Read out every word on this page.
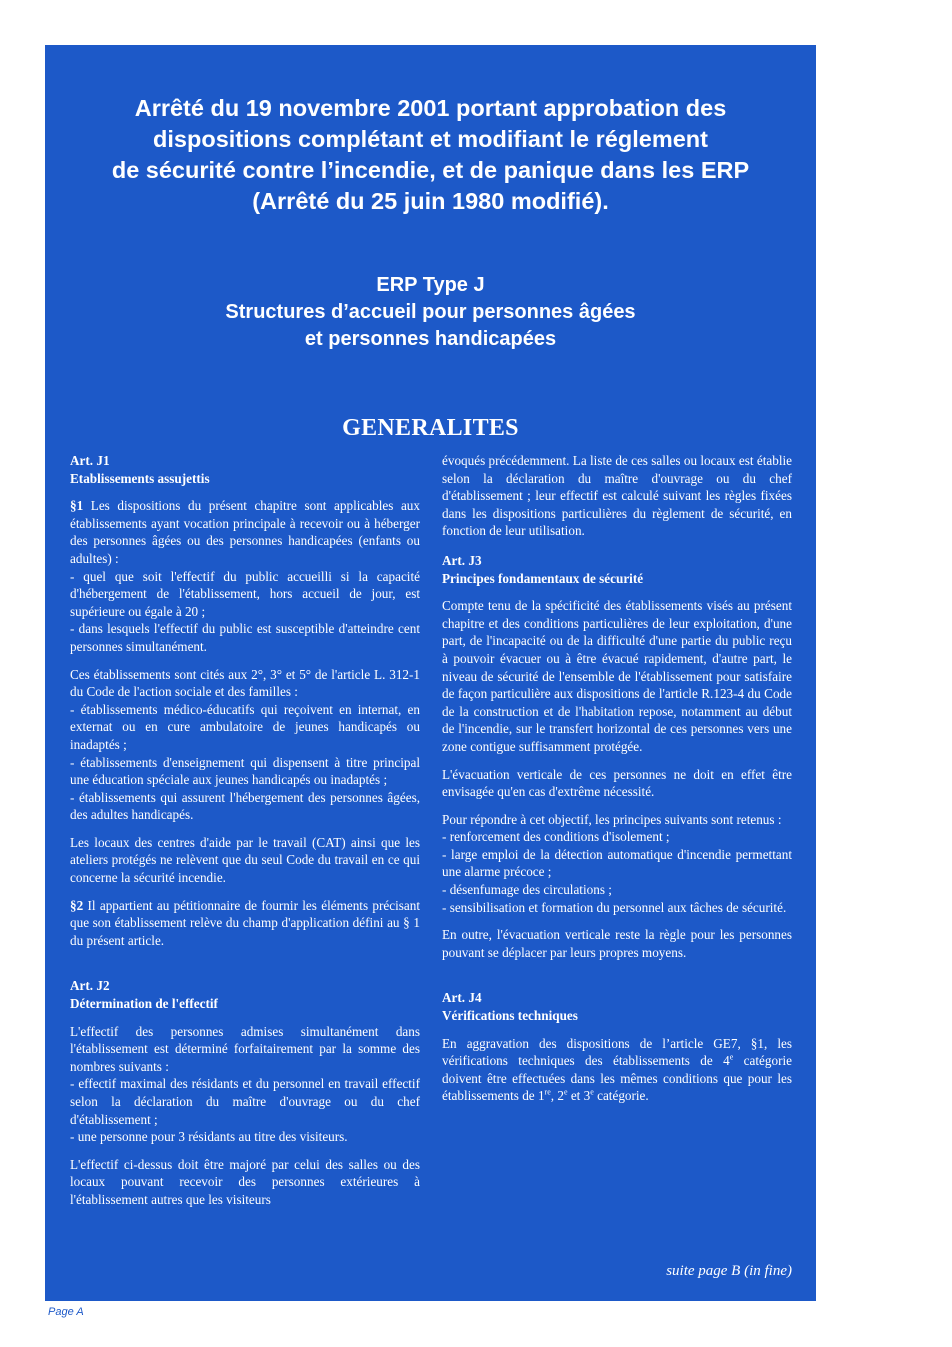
Arrêté du 19 novembre 2001 portant approbation des
dispositions complétant et modifiant le réglement
de sécurité contre l’incendie, et de panique dans les ERP
(Arrêté du 25 juin 1980 modifié).
ERP Type J
Structures d’accueil pour personnes âgées
et personnes handicapées
GENERALITES
Art. J1
Etablissements assujettis

§1 Les dispositions du présent chapitre sont applicables aux établissements ayant vocation principale à recevoir ou à héberger des personnes âgées ou des personnes handicapées (enfants ou adultes) :

- quel que soit l'effectif du public accueilli si la capacité d'hébergement de l'établissement, hors accueil de jour, est supérieure ou égale à 20 ;

- dans lesquels l'effectif du public est susceptible d'atteindre cent personnes simultanément.

Ces établissements sont cités aux 2°, 3° et 5° de l'article L. 312-1 du Code de l'action sociale et des familles :

- établissements médico-éducatifs qui reçoivent en internat, en externat ou en cure ambulatoire de jeunes handicapés ou inadaptés ;

- établissements d'enseignement qui dispensent à titre principal une éducation spéciale aux jeunes handicapés ou inadaptés ;

- établissements qui assurent l'hébergement des personnes âgées, des adultes handicapés.

Les locaux des centres d'aide par le travail (CAT) ainsi que les ateliers protégés ne relèvent que du seul Code du travail en ce qui concerne la sécurité incendie.

§2 Il appartient au pétitionnaire de fournir les éléments précisant que son établissement relève du champ d'application défini au § 1 du présent article.

Art. J2
Détermination de l'effectif

L'effectif des personnes admises simultanément dans l'établissement est déterminé forfaitairement par la somme des nombres suivants :

- effectif maximal des résidants et du personnel en travail effectif selon la déclaration du maître d'ouvrage ou du chef d'établissement ;

- une personne pour 3 résidants au titre des visiteurs.

L'effectif ci-dessus doit être majoré par celui des salles ou des locaux pouvant recevoir des personnes extérieures à l'établissement autres que les visiteurs

évoqués précédemment. La liste de ces salles ou locaux est établie selon la déclaration du maître d'ouvrage ou du chef d'établissement ; leur effectif est calculé suivant les règles fixées dans les dispositions particulières du règlement de sécurité, en fonction de leur utilisation.

Art. J3
Principes fondamentaux de sécurité

Compte tenu de la spécificité des établissements visés au présent chapitre et des conditions particulières de leur exploitation, d'une part, de l'incapacité ou de la difficulté d'une partie du public reçu à pouvoir évacuer ou à être évacué rapidement, d'autre part, le niveau de sécurité de l'ensemble de l'établissement pour satisfaire de façon particulière aux dispositions de l'article R.123-4 du Code de la construction et de l'habitation repose, notamment au début de l'incendie, sur le transfert horizontal de ces personnes vers une zone contigue suffisamment protégée.

L'évacuation verticale de ces personnes ne doit en effet être envisagée qu'en cas d'extrême nécessité.

Pour répondre à cet objectif, les principes suivants sont retenus :

- renforcement des conditions d'isolement ;

- large emploi de la détection automatique d'incendie permettant une alarme précoce ;

- désenfumage des circulations ;

- sensibilisation et formation du personnel aux tâches de sécurité.

En outre, l'évacuation verticale reste la règle pour les personnes pouvant se déplacer par leurs propres moyens.

Art. J4
Vérifications techniques

En aggravation des dispositions de l’article GE7, §1, les vérifications techniques des établissements de 4e catégorie doivent être effectuées dans les mêmes conditions que pour les établissements de 1re, 2e et 3e catégorie.

suite page B (in fine)
Page A
